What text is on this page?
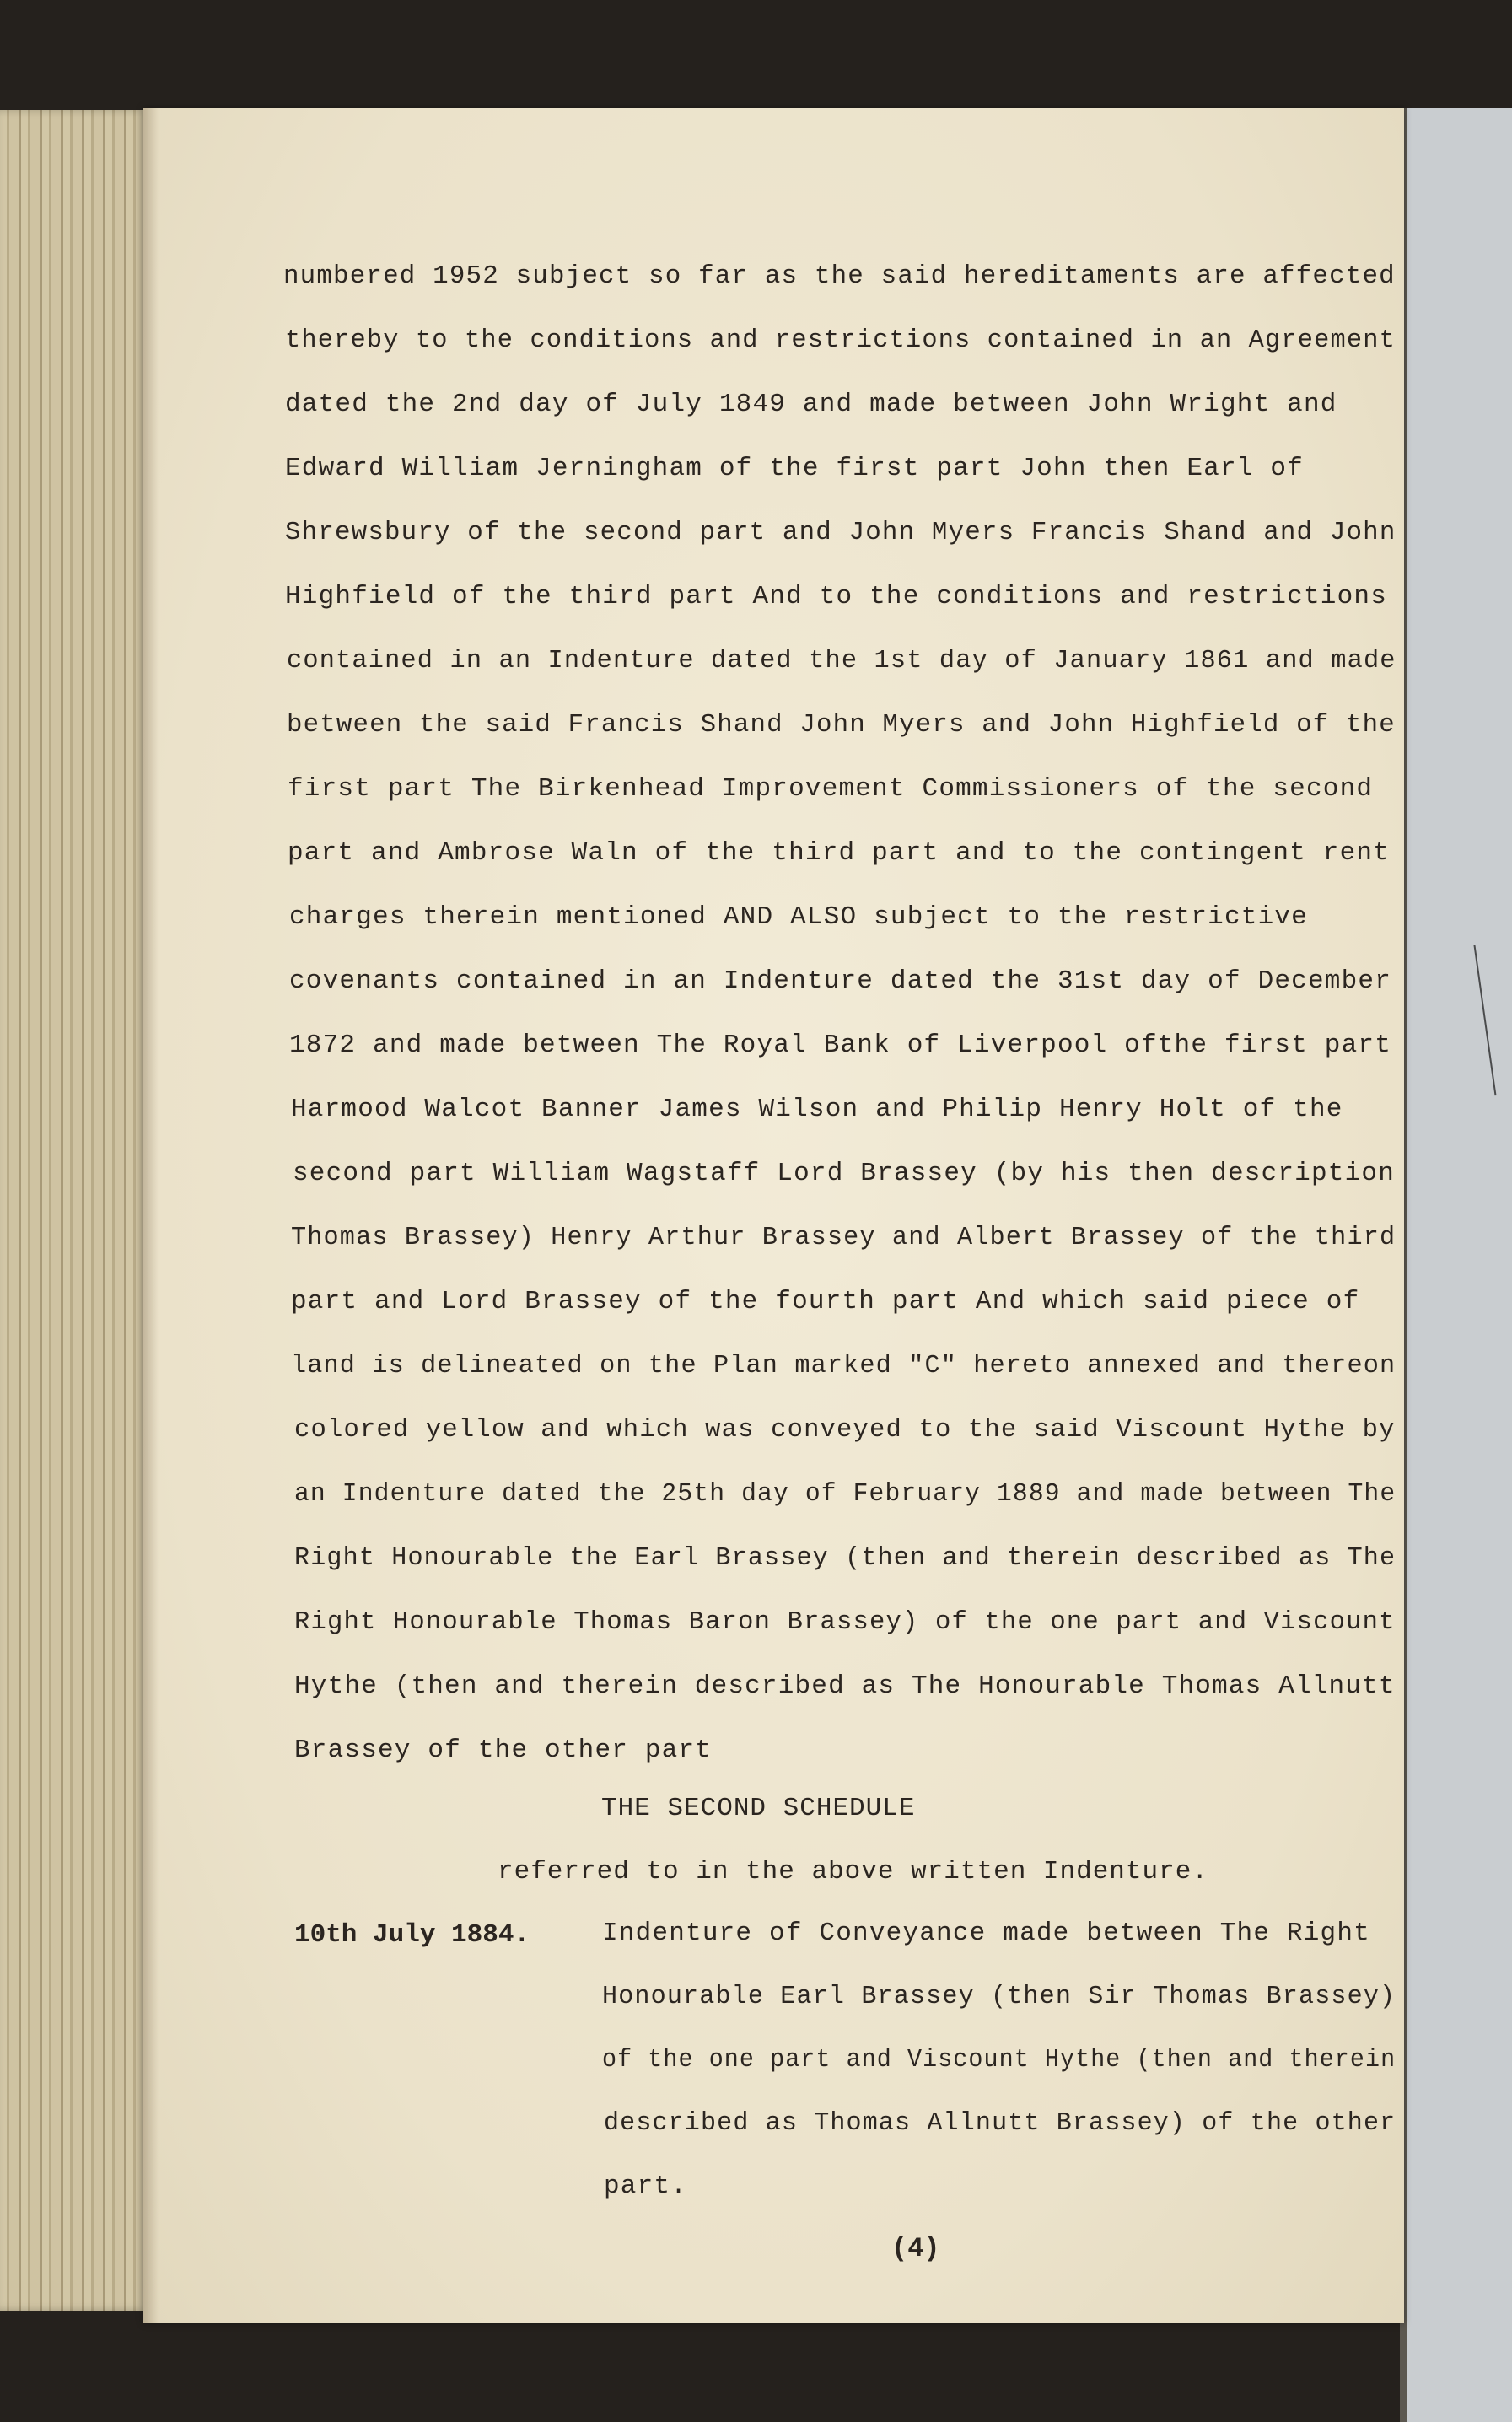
numbered 1952 subject so far as the said hereditaments are affected
thereby to the conditions and restrictions contained in an Agreement
dated the 2nd day of July 1849 and made between John Wright and
Edward William Jerningham of the first part John then Earl of
Shrewsbury of the second part and John Myers Francis Shand and John
Highfield of the third part And to the conditions and restrictions
contained in an Indenture dated the 1st day of January 1861 and made
between the said Francis Shand John Myers and John Highfield of the
first part The Birkenhead Improvement Commissioners of the second
part and Ambrose Waln of the third part and to the contingent rent
charges therein mentioned AND ALSO subject to the restrictive
covenants contained in an Indenture dated the 31st day of December
1872 and made between The Royal Bank of Liverpool ofthe first part
Harmood Walcot Banner James Wilson and Philip Henry Holt of the
second part William Wagstaff Lord Brassey (by his then description
Thomas Brassey) Henry Arthur Brassey and Albert Brassey of the third
part and Lord Brassey of the fourth part And which said piece of
land is delineated on the Plan marked "C" hereto annexed and thereon
colored yellow and which was conveyed to the said Viscount Hythe by
an Indenture dated the 25th day of February 1889 and made between The
Right Honourable the Earl Brassey (then and therein described as The
Right Honourable Thomas Baron Brassey) of the one part and Viscount
Hythe (then and therein described as The Honourable Thomas Allnutt
Brassey of the other part
THE SECOND SCHEDULE
referred to in the above written Indenture.
10th July 1884.	Indenture of Conveyance made between The Right
Honourable Earl Brassey (then Sir Thomas Brassey)
of the one part and Viscount Hythe (then and therein
described as Thomas Allnutt Brassey) of the other
part.
(4)
